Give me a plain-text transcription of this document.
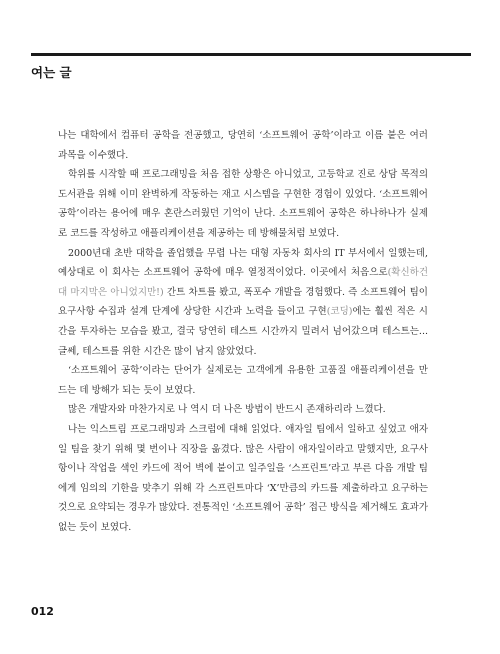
여는 글

나는 대학에서 컴퓨터 공학을 전공했고, 당연히 ‘소프트웨어 공학’이라고 이름 붙은 여러 과목을 이수했다.

학위를 시작할 때 프로그래밍을 처음 접한 상황은 아니었고, 고등학교 진로 상담 목적의 도서관을 위해 이미 완벽하게 작동하는 재고 시스템을 구현한 경험이 있었다. ‘소프트웨어 공학’이라는 용어에 매우 혼란스러웠던 기억이 난다. 소프트웨어 공학은 하나하나가 실제로 코드를 작성하고 애플리케이션을 제공하는 데 방해물처럼 보였다.

2000년대 초반 대학을 졸업했을 무렵 나는 대형 자동차 회사의 IT 부서에서 일했는데, 예상대로 이 회사는 소프트웨어 공학에 매우 열정적이었다. 이곳에서 처음으로(확신하건대 마지막은 아니었지만!) 간트 차트를 봤고, 폭포수 개발을 경험했다. 즉 소프트웨어 팀이 요구사항 수집과 설계 단계에 상당한 시간과 노력을 들이고 구현(코딩)에는 훨씬 적은 시간을 투자하는 모습을 봤고, 결국 당연히 테스트 시간까지 밀려서 넘어갔으며 테스트는... 글쎄, 테스트를 위한 시간은 많이 남지 않았었다.

‘소프트웨어 공학’이라는 단어가 실제로는 고객에게 유용한 고품질 애플리케이션을 만드는 데 방해가 되는 듯이 보였다.

많은 개발자와 마찬가지로 나 역시 더 나은 방법이 반드시 존재하리라 느꼈다.

나는 익스트림 프로그래밍과 스크럼에 대해 읽었다. 애자일 팀에서 일하고 싶었고 애자일 팀을 찾기 위해 몇 번이나 직장을 옮겼다. 많은 사람이 애자일이라고 말했지만, 요구사항이나 작업을 색인 카드에 적어 벽에 붙이고 일주일을 ‘스프린트’라고 부른 다음 개발 팀에게 임의의 기한을 맞추기 위해 각 스프린트마다 ‘X’만큼의 카드를 제출하라고 요구하는 것으로 요약되는 경우가 많았다. 전통적인 ‘소프트웨어 공학’ 접근 방식을 제거해도 효과가 없는 듯이 보였다.

012
